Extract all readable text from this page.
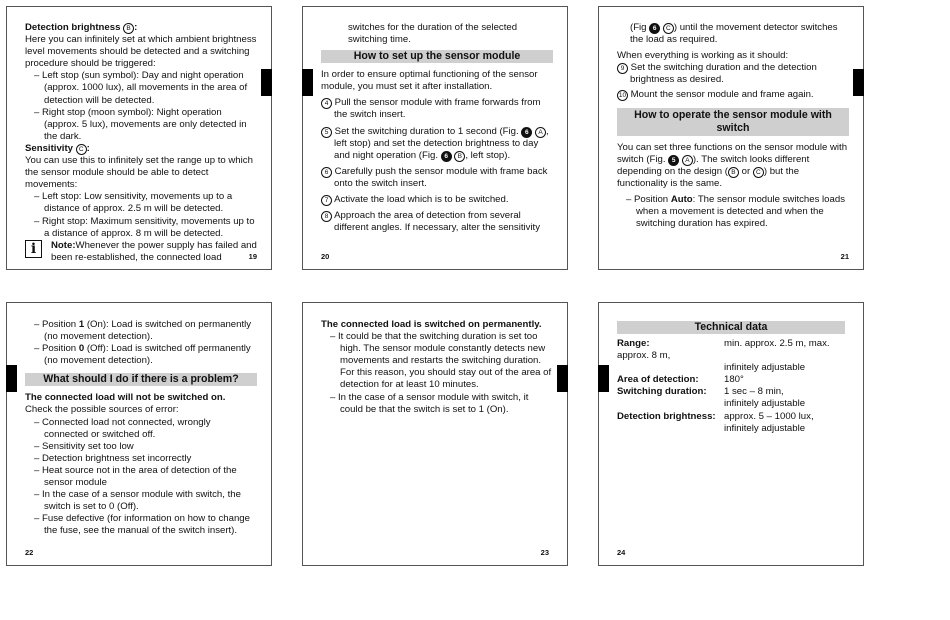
Detection brightness B :

Here you can infinitely set at which ambient brightness level movements should be detected and a switching procedure should be triggered:

– Left stop (sun symbol): Day and night operation (approx. 1000 lux), all movements in the area of detection will be detected.

– Right stop (moon symbol): Night operation (approx. 5 lux), movements are only detected in the dark.

Sensitivity C :

You can use this to infinitely set the range up to which the sensor module should be able to detect movements:

– Left stop: Low sensitivity, movements up to a distance of approx. 2.5 m will be detected.

– Right stop: Maximum sensitivity, movements up to a distance of approx. 8 m will be detected.

i	Note:Whenever the power supply has failed and been re-established, the connected load	19

switches for the duration of the selected switching time.

How to set up the sensor module

In order to ensure optimal functioning of the sensor module, you must set it after installation.

4 Pull the sensor module with frame forwards from the switch insert.

5 Set the switching duration to 1 second (Fig. 6 A , left stop) and set the detection brightness to day and night operation (Fig. 6 B , left stop).

6 Carefully push the sensor module with frame back onto the switch insert.

7 Activate the load which is to be switched.

8 Approach the area of detection from several different angles. If necessary, alter the sensitivity

20

(Fig 6 C ) until the movement detector switches the load as required.

When everything is working as it should:

9 Set the switching duration and the detection brightness as desired.

10 Mount the sensor module and frame again.

How to operate the sensor module with switch

You can set three functions on the sensor module with switch (Fig. 5 A ). The switch looks different depending on the design ( B or C ) but the functionality is the same.

– Position Auto: The sensor module switches loads when a movement is detected and when the switching duration has expired.

21

– Position 1 (On): Load is switched on permanently (no movement detection).

– Position 0 (Off): Load is switched off permanently (no movement detection).

What should I do if there is a problem?

The connected load will not be switched on.

Check the possible sources of error:

– Connected load not connected, wrongly connected or switched off.

– Sensitivity set too low

– Detection brightness set incorrectly

– Heat source not in the area of detection of the sensor module

– In the case of a sensor module with switch, the switch is set to 0 (Off).

– Fuse defective (for information on how to change the fuse, see the manual of the switch insert).

22

The connected load is switched on permanently.

– It could be that the switching duration is set too high. The sensor module constantly detects new movements and restarts the switching duration. For this reason, you should stay out of the area of detection for at least 10 minutes.

– In the case of a sensor module with switch, it could be that the switch is set to 1 (On).

23
Technical data
Range:	min. approx. 2.5 m, max.

approx. 8 m,

infinitely adjustable

Area of detection:	180°
Switching duration:	1 sec – 8 min,

infinitely adjustable

Detection brightness: approx. 5 – 1000 lux,

infinitely adjustable

24
